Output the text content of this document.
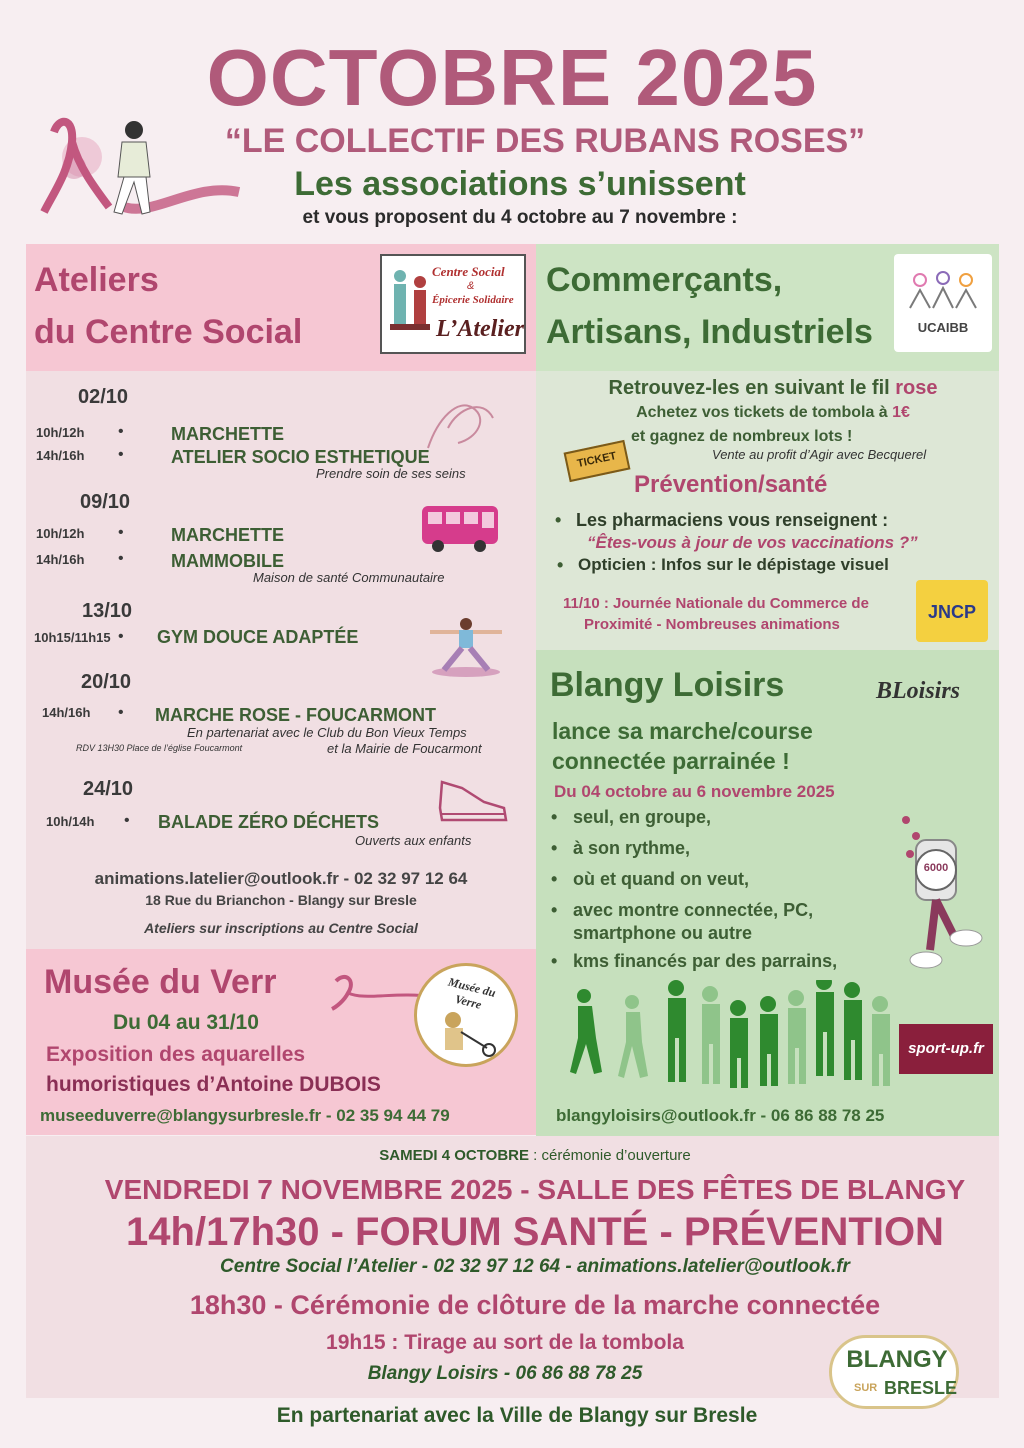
OCTOBRE 2025
“LE COLLECTIF DES RUBANS ROSES”
Les associations s’unissent
et vous proposent du 4 octobre au 7 novembre :
Ateliers
du Centre Social
Centre Social
&
Épicerie Solidaire
L’Atelier
02/10
10h/12h •	MARCHETTE
14h/16h •	ATELIER SOCIO ESTHETIQUE
Prendre soin de ses seins
09/10
10h/12h •	MARCHETTE
14h/16h •	MAMMOBILE
Maison de santé Communautaire
13/10
10h15/11h15 • GYM DOUCE ADAPTÉE
20/10
14h/16h • MARCHE ROSE - FOUCARMONT
En partenariat avec le Club du Bon Vieux Temps
RDV 13H30 Place de l’église Foucarmont	et la Mairie de Foucarmont
24/10
10h/14h • BALADE ZÉRO DÉCHETS
Ouverts aux enfants
animations.latelier@outlook.fr - 02 32 97 12 64
18 Rue du Brianchon - Blangy sur Bresle
Ateliers sur inscriptions au Centre Social
Musée du Verr
Du 04 au 31/10
Exposition des aquarelles
humoristiques d’Antoine DUBOIS
museeduverre@blangysurbresle.fr - 02 35 94 44 79
Musée du Verre
Commerçants,
Artisans, Industriels	UCAIBB
Retrouvez-les en suivant le fil rose
Achetez vos tickets de tombola à 1€
et gagnez de nombreux lots !
Vente au profit d’Agir avec Becquerel
TICKET
Prévention/santé
• Les pharmaciens vous renseignent :
“Êtes-vous à jour de vos vaccinations ?”
• Opticien : Infos sur le dépistage visuel
11/10 : Journée Nationale du Commerce de
Proximité - Nombreuses animations
JNCP
Blangy Loisirs	BLoisirs
lance sa marche/course
connectée parrainée !
Du 04 octobre au 6 novembre 2025
• seul, en groupe,
• à son rythme,
• où et quand on veut,
• avec montre connectée, PC,
smartphone ou autre
• kms financés par des parrains,
6000
sport-up.fr
blangyloisirs@outlook.fr - 06 86 88 78 25
SAMEDI 4 OCTOBRE : cérémonie d’ouverture
VENDREDI 7 NOVEMBRE 2025 - SALLE DES FÊTES DE BLANGY
14h/17h30 - FORUM SANTÉ - PRÉVENTION
Centre Social l’Atelier - 02 32 97 12 64 - animations.latelier@outlook.fr
18h30 - Cérémonie de clôture de la marche connectée
19h15 : Tirage au sort de la tombola
Blangy Loisirs - 06 86 88 78 25
BLANGY
SUR BRESLE
En partenariat avec la Ville de Blangy sur Bresle
